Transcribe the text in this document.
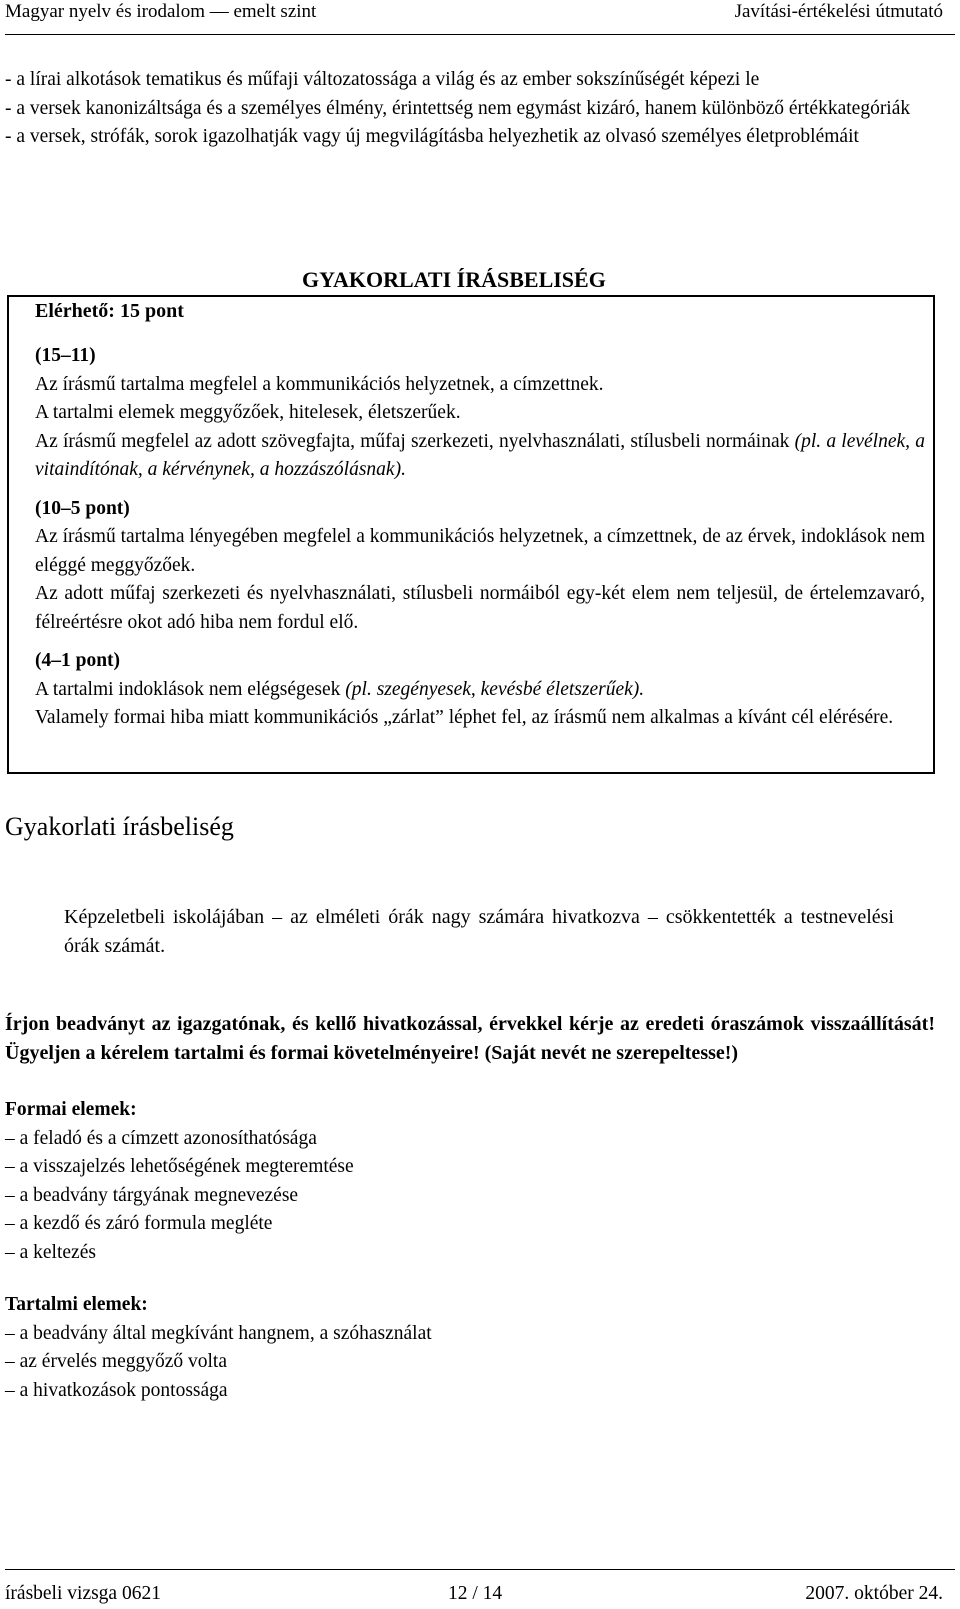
Magyar nyelv és irodalom — emelt szint	Javítási-értékelési útmutató
- a lírai alkotások tematikus és műfaji változatossága a világ és az ember sokszínűségét képezi le
- a versek kanonizáltsága és a személyes élmény, érintettség nem egymást kizáró, hanem különböző értékkategóriák
- a versek, strófák, sorok igazolhatják vagy új megvilágításba helyezhetik az olvasó személyes életproblémáit
GYAKORLATI ÍRÁSBELISÉG
Elérhető: 15 pont
(15–11)
Az írásmű tartalma megfelel a kommunikációs helyzetnek, a címzettnek.
A tartalmi elemek meggyőzőek, hitelesek, életszerűek.
Az írásmű megfelel az adott szövegfajta, műfaj szerkezeti, nyelvhasználati, stílusbeli normáinak (pl. a levélnek, a vitaindítónak, a kérvénynek, a hozzászólásnak).
(10–5 pont)
Az írásmű tartalma lényegében megfelel a kommunikációs helyzetnek, a címzettnek, de az érvek, indoklások nem eléggé meggyőzőek.
Az adott műfaj szerkezeti és nyelvhasználati, stílusbeli normáiból egy-két elem nem teljesül, de értelemzavaró, félreértésre okot adó hiba nem fordul elő.
(4–1 pont)
A tartalmi indoklások nem elégségesek (pl. szegényesek, kevésbé életszerűek).
Valamely formai hiba miatt kommunikációs „zárlat” léphet fel, az írásmű nem alkalmas a kívánt cél elérésére.
Gyakorlati írásbeliség
Képzeletbeli iskolájában – az elméleti órák nagy számára hivatkozva – csökkentették a testnevelési órák számát.
Írjon beadványt az igazgatónak, és kellő hivatkozással, érvekkel kérje az eredeti óraszámok visszaállítását! Ügyeljen a kérelem tartalmi és formai követelményeire! (Saját nevét ne szerepeltesse!)
Formai elemek:
– a feladó és a címzett azonosíthatósága
– a visszajelzés lehetőségének megteremtése
– a beadvány tárgyának megnevezése
– a kezdő és záró formula megléte
– a keltezés
Tartalmi elemek:
– a beadvány által megkívánt hangnem, a szóhasználat
– az érvelés meggyőző volta
– a hivatkozások pontossága
írásbeli vizsga 0621	12 / 14	2007. október 24.
